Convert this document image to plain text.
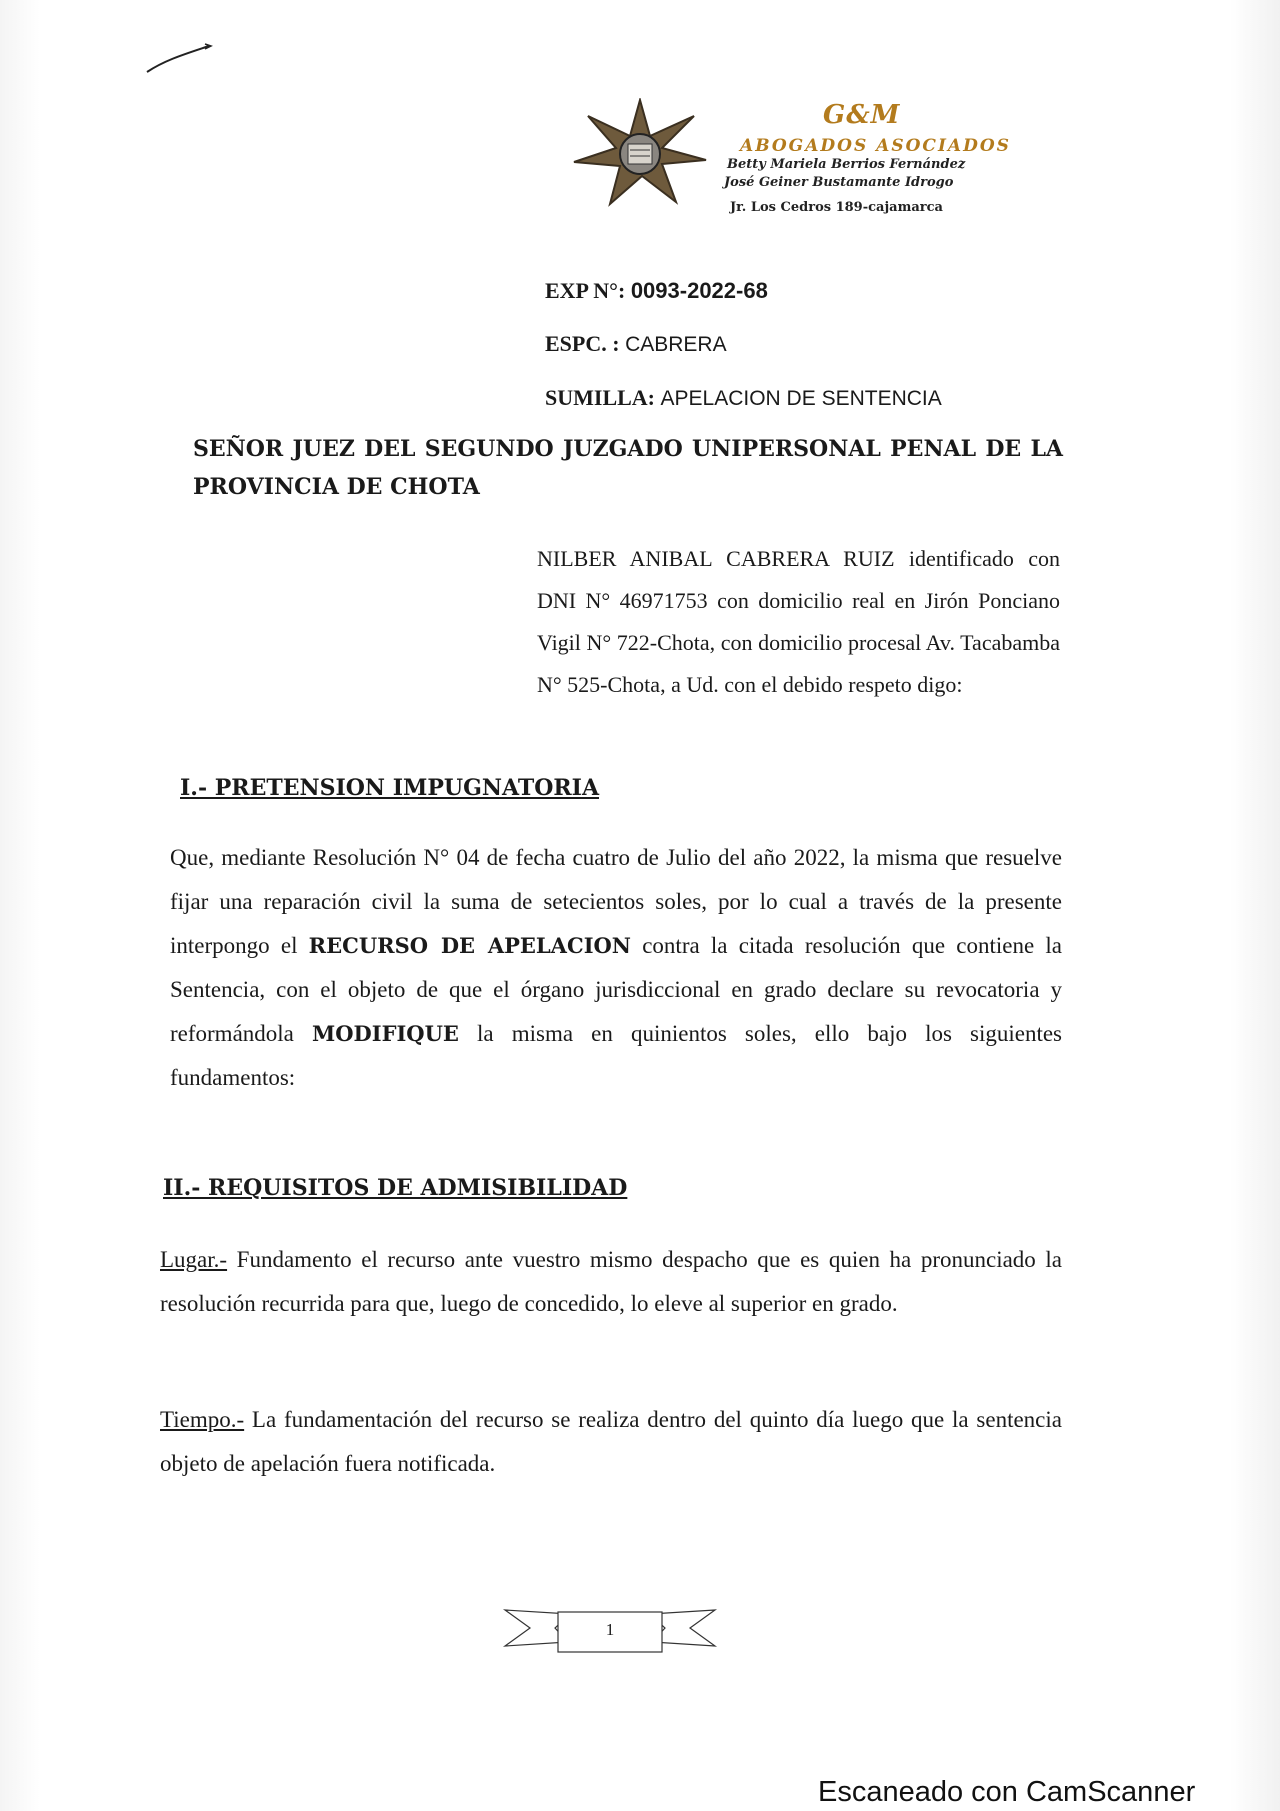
G&M
ABOGADOS ASOCIADOS
Betty Mariela Berrios Fernández
José Geiner Bustamante Idrogo
Jr. Los Cedros 189-cajamarca
EXP N°: 0093-2022-68
ESPC. : CABRERA
SUMILLA: APELACION DE SENTENCIA
SEÑOR JUEZ DEL SEGUNDO JUZGADO UNIPERSONAL PENAL DE LA
PROVINCIA DE CHOTA
NILBER ANIBAL CABRERA RUIZ identificado con DNI N° 46971753 con domicilio real en Jirón Ponciano Vigil N° 722-Chota, con domicilio procesal Av. Tacabamba N° 525-Chota, a Ud. con el debido respeto digo:
I.- PRETENSION IMPUGNATORIA
Que, mediante Resolución N° 04 de fecha cuatro de Julio del año 2022, la misma que resuelve fijar una reparación civil la suma de setecientos soles, por lo cual a través de la presente interpongo el RECURSO DE APELACION contra la citada resolución que contiene la Sentencia, con el objeto de que el órgano jurisdiccional en grado declare su revocatoria y reformándola MODIFIQUE la misma en quinientos soles, ello bajo los siguientes fundamentos:
II.- REQUISITOS DE ADMISIBILIDAD
Lugar.- Fundamento el recurso ante vuestro mismo despacho que es quien ha pronunciado la resolución recurrida para que, luego de concedido, lo eleve al superior en grado.
Tiempo.- La fundamentación del recurso se realiza dentro del quinto día luego que la sentencia objeto de apelación fuera notificada.
1
Escaneado con CamScanner
